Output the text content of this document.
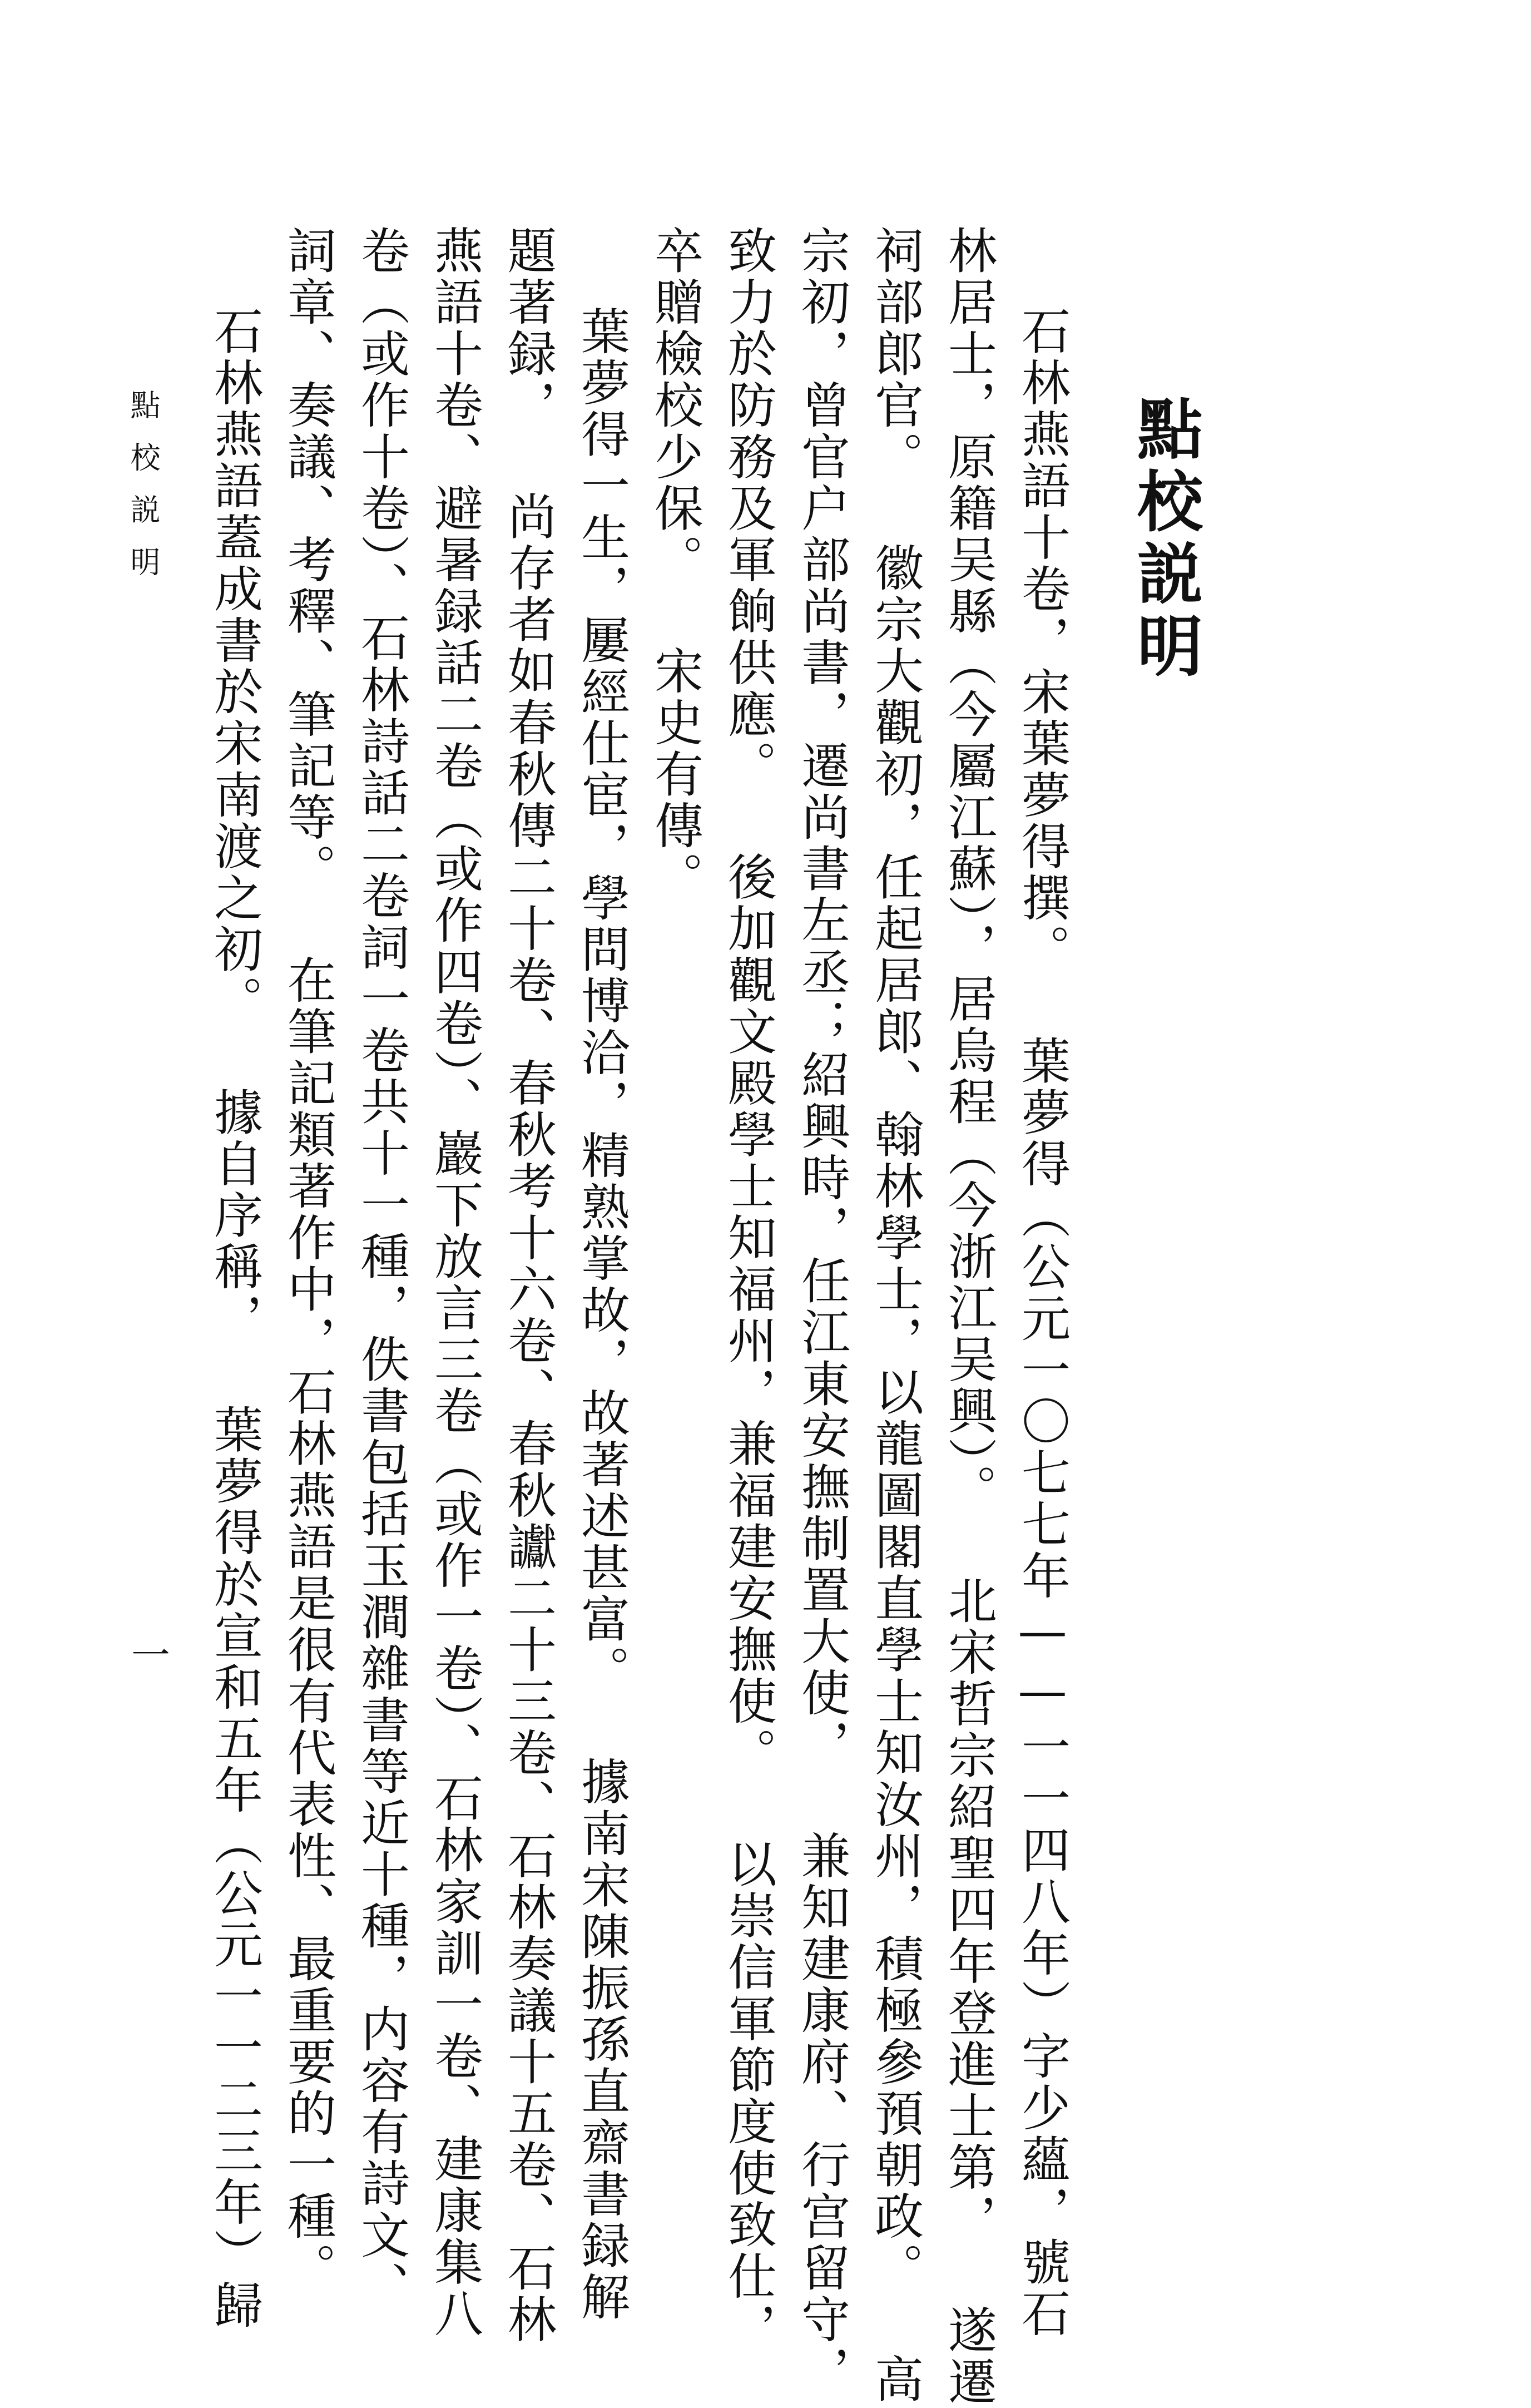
點校説明
石林燕語十卷，宋葉夢得撰。 葉夢得（公元一〇七七年——一一四八年）字少蘊，號石
林居士，原籍吴縣（今屬江蘇），居烏程（今浙江吴興）。 北宋哲宗紹聖四年登進士第， 遂遷
祠部郎官。 徽宗大觀初，任起居郎、翰林學士，以龍圖閣直學士知汝州，積極參預朝政。 高
宗初，曾官户部尚書，遷尚書左丞；紹興時，任江東安撫制置大使， 兼知建康府、行宫留守，
致力於防務及軍餉供應。 後加觀文殿學士知福州，兼福建安撫使。 以崇信軍節度使致仕，
卒贈檢校少保。 宋史有傳。
葉夢得一生，屢經仕宦，學問博洽，精熟掌故，故著述甚富。 據南宋陳振孫直齋書録解
題著録， 尚存者如春秋傳二十卷、春秋考十六卷、春秋讞二十三卷、石林奏議十五卷、石林
燕語十卷、避暑録話二卷（或作四卷）、巖下放言三卷（或作一卷）、石林家訓一卷、建康集八
卷（或作十卷）、石林詩話二卷詞一卷共十一種，佚書包括玉澗雜書等近十種，内容有詩文、
詞章、奏議、考釋、筆記等。 在筆記類著作中，石林燕語是很有代表性、最重要的一種。
石林燕語蓋成書於宋南渡之初。 據自序稱， 葉夢得於宣和五年（公元一一二三年）歸
點校説明
一
